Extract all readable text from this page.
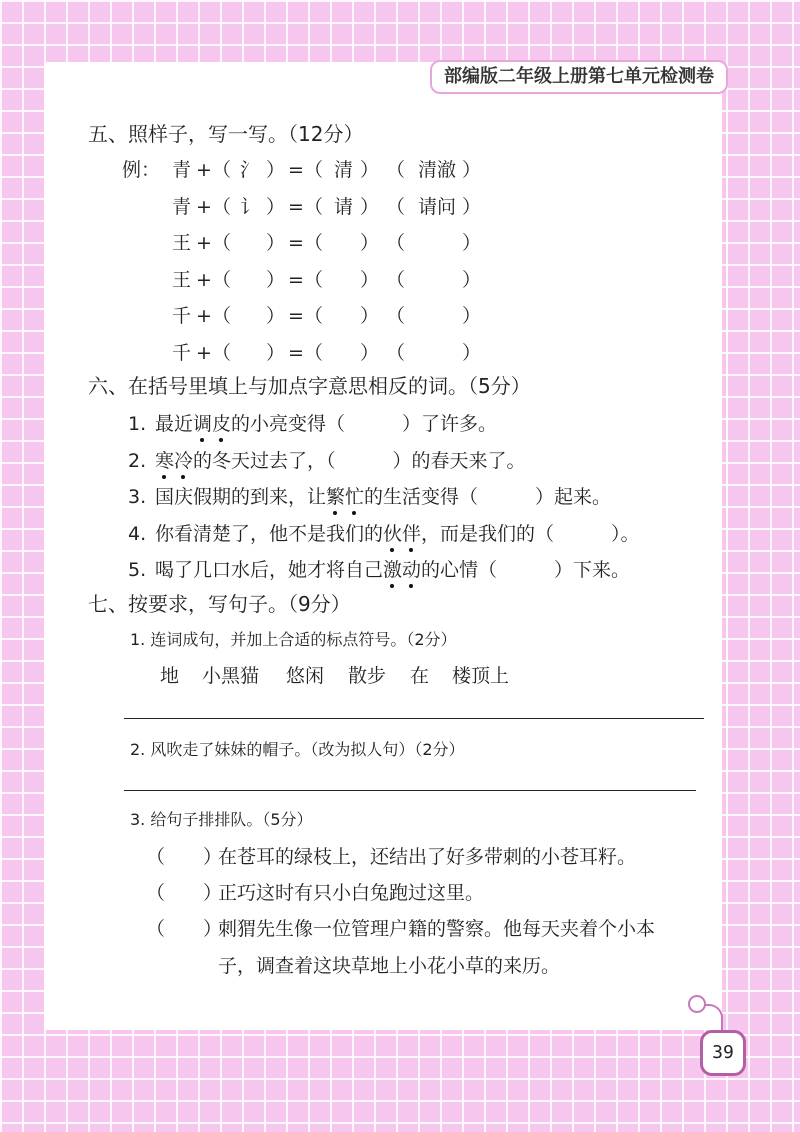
部编版二年级上册第七单元检测卷
五、照样子，写一写。（12分）
例： 青 + （ 氵 ） = （ 清 ） （ 清澈 ）
青 + （ 讠 ） = （ 请 ） （ 请问 ）
王 + （ ） = （ ） （	）
王 + （ ） = （ ） （	）
千 + （ ） = （ ） （	）
千 + （ ） = （ ） （	）
六、在括号里填上与加点字意思相反的词。（5分）
1. 最近 调皮 的小亮变得（　　　）了许多。
2. 寒冷 的冬天过去了，（　　　）的春天来了。
3. 国庆假期的到来，让 繁忙 的生活变得（　　　）起来。
4. 你看清楚了，他不是我们的 伙伴 ，而是我们的（　　　）。
5. 喝了几口水后，她才将自己 激动 的心情（　　　）下来。
七、按要求，写句子。（9分）
1. 连词成句，并加上合适的标点符号。（2分）
地 小黑猫 悠闲 散步 在 楼顶上
2. 风吹走了妹妹的帽子。（改为拟人句）（2分）
3. 给句子排排队。（5分）
（　　）
在苍耳的绿枝上，还结出了好多带刺的小苍耳籽。
（　　）
正巧这时有只小白兔跑过这里。
（　　）
刺猬先生像一位管理户籍的警察。他每天夹着个小本
子，调查着这块草地上小花小草的来历。
39
